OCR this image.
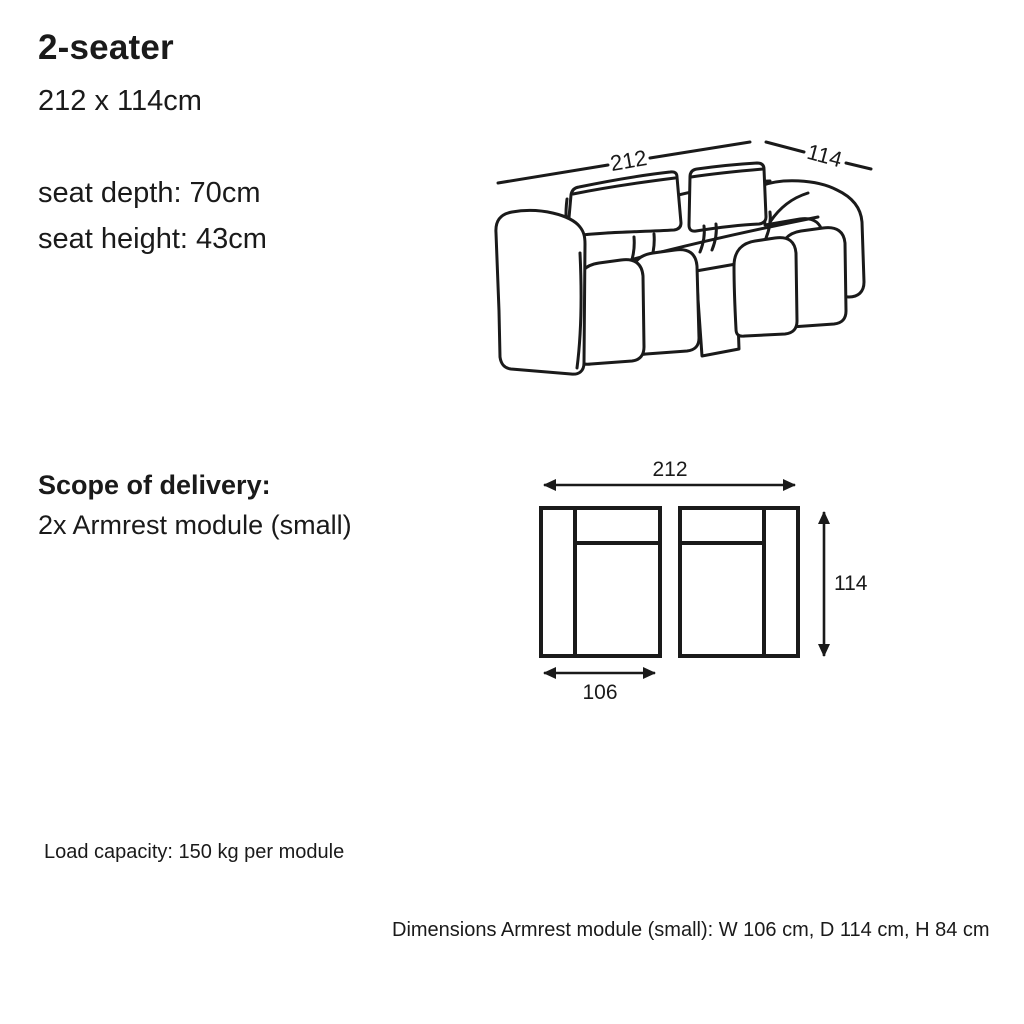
2-seater
212 x 114cm
seat depth: 70cm
seat height: 43cm
212	114
Scope of delivery:
2x Armrest module (small)
212
114
106
Load capacity: 150 kg per module
Dimensions Armrest module (small): W 106 cm, D 114 cm, H 84 cm
